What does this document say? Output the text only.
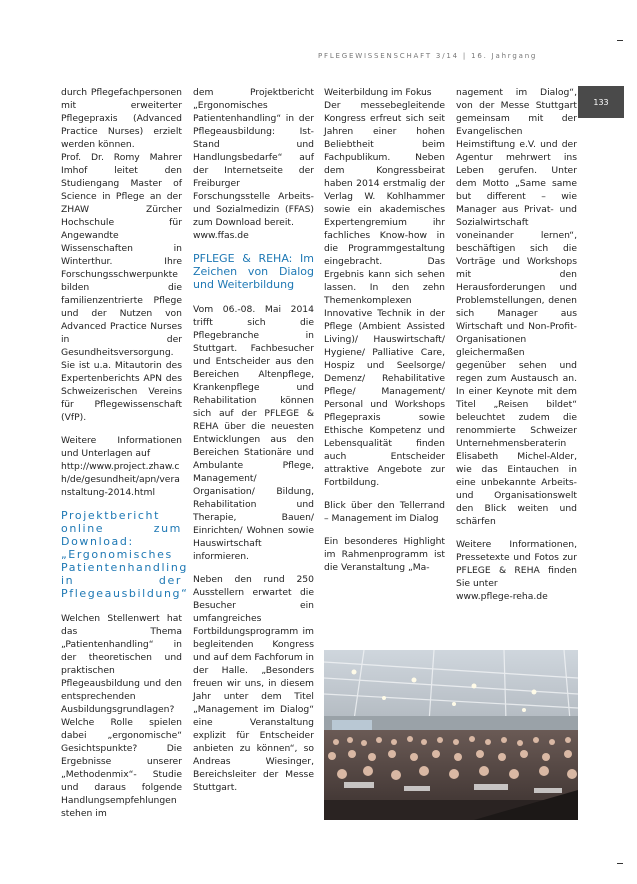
PFLEGEWISSENSCHAFT 3/14 | 16. Jahrgang
133

durch Pflegefachpersonen mit erweiterter Pflegepraxis (Advanced Practice Nurses) erzielt werden können.

Prof. Dr. Romy Mahrer Imhof leitet den Studiengang Master of Science in Pflege an der ZHAW Zürcher Hochschule für Angewandte Wissenschaften in Winterthur. Ihre Forschungsschwerpunkte bilden die familienzentrierte Pflege und der Nutzen von Advanced Practice Nurses in der Gesundheitsversorgung. Sie ist u.a. Mitautorin des Expertenberichts APN des Schweizerischen Vereins für Pflegewissenschaft (VfP).

Weitere Informationen und Unterlagen auf

http://www.project.zhaw.ch/de/gesundheit/apn/veranstaltung-2014.html

Projektbericht online zum Download: „Ergonomisches Patientenhandling in der Pflegeausbildung“

Welchen Stellenwert hat das Thema „Patientenhandling“ in der theoretischen und praktischen Pflegeausbildung und den entsprechenden Ausbildungsgrundlagen? Welche Rolle spielen dabei „ergonomische“ Gesichtspunkte? Die Ergebnisse unserer „Methodenmix“- Studie und daraus folgende Handlungsempfehlungen stehen im

dem Projektbericht „Ergonomisches Patientenhandling“ in der Pflegeausbildung: Ist-Stand und Handlungsbedarfe“ auf der Internetseite der Freiburger Forschungsstelle Arbeits- und Sozialmedizin (FFAS) zum Download bereit.

www.ffas.de

PFLEGE & REHA: Im Zeichen von Dialog und Weiterbildung

Vom 06.-08. Mai 2014 trifft sich die Pflegebranche in Stuttgart. Fachbesucher und Entscheider aus den Bereichen Altenpflege, Krankenpflege und Rehabilitation können sich auf der PFLEGE & REHA über die neuesten Entwicklungen aus den Bereichen Stationäre und Ambulante Pflege, Management/ Organisation/ Bildung, Rehabilitation und Therapie, Bauen/ Einrichten/ Wohnen sowie Hauswirtschaft informieren.

Neben den rund 250 Ausstellern erwartet die Besucher ein umfangreiches Fortbildungsprogramm im begleitenden Kongress und auf dem Fachforum in der Halle. „Besonders freuen wir uns, in diesem Jahr unter dem Titel „Management im Dialog“ eine Veranstaltung explizit für Entscheider anbieten zu können“, so Andreas Wiesinger, Bereichsleiter der Messe Stuttgart.

Weiterbildung im Fokus

Der messebegleitende Kongress erfreut sich seit Jahren einer hohen Beliebtheit beim Fachpublikum. Neben dem Kongressbeirat haben 2014 erstmalig der Verlag W. Kohlhammer sowie ein akademisches Expertengremium ihr fachliches Know-how in die Programmgestaltung eingebracht. Das Ergebnis kann sich sehen lassen. In den zehn Themenkomplexen Innovative Technik in der Pflege (Ambient Assisted Living)/ Hauswirtschaft/ Hygiene/ Palliative Care, Hospiz und Seelsorge/ Demenz/ Rehabilitative Pflege/ Management/ Personal und Workshops Pflegepraxis sowie Ethische Kompetenz und Lebensqualität finden auch Entscheider attraktive Angebote zur Fortbildung.

Blick über den Tellerrand – Management im Dialog

Ein besonderes Highlight im Rahmenprogramm ist die Veranstaltung „Ma-

nagement im Dialog“, von der Messe Stuttgart gemeinsam mit der Evangelischen Heimstiftung e.V. und der Agentur mehrwert ins Leben gerufen. Unter dem Motto „Same same but different – wie Manager aus Privat- und Sozialwirtschaft voneinander lernen“, beschäftigen sich die Vorträge und Workshops mit den Herausforderungen und Problemstellungen, denen sich Manager aus Wirtschaft und Non-Profit-Organisationen gleichermaßen gegenüber sehen und regen zum Austausch an. In einer Keynote mit dem Titel „Reisen bildet“ beleuchtet zudem die renommierte Schweizer Unternehmensberaterin Elisabeth Michel-Alder, wie das Eintauchen in eine unbekannte Arbeits- und Organisationswelt den Blick weiten und schärfen

Weitere Informationen, Pressetexte und Fotos zur PFLEGE & REHA finden Sie unter

www.pflege-reha.de
